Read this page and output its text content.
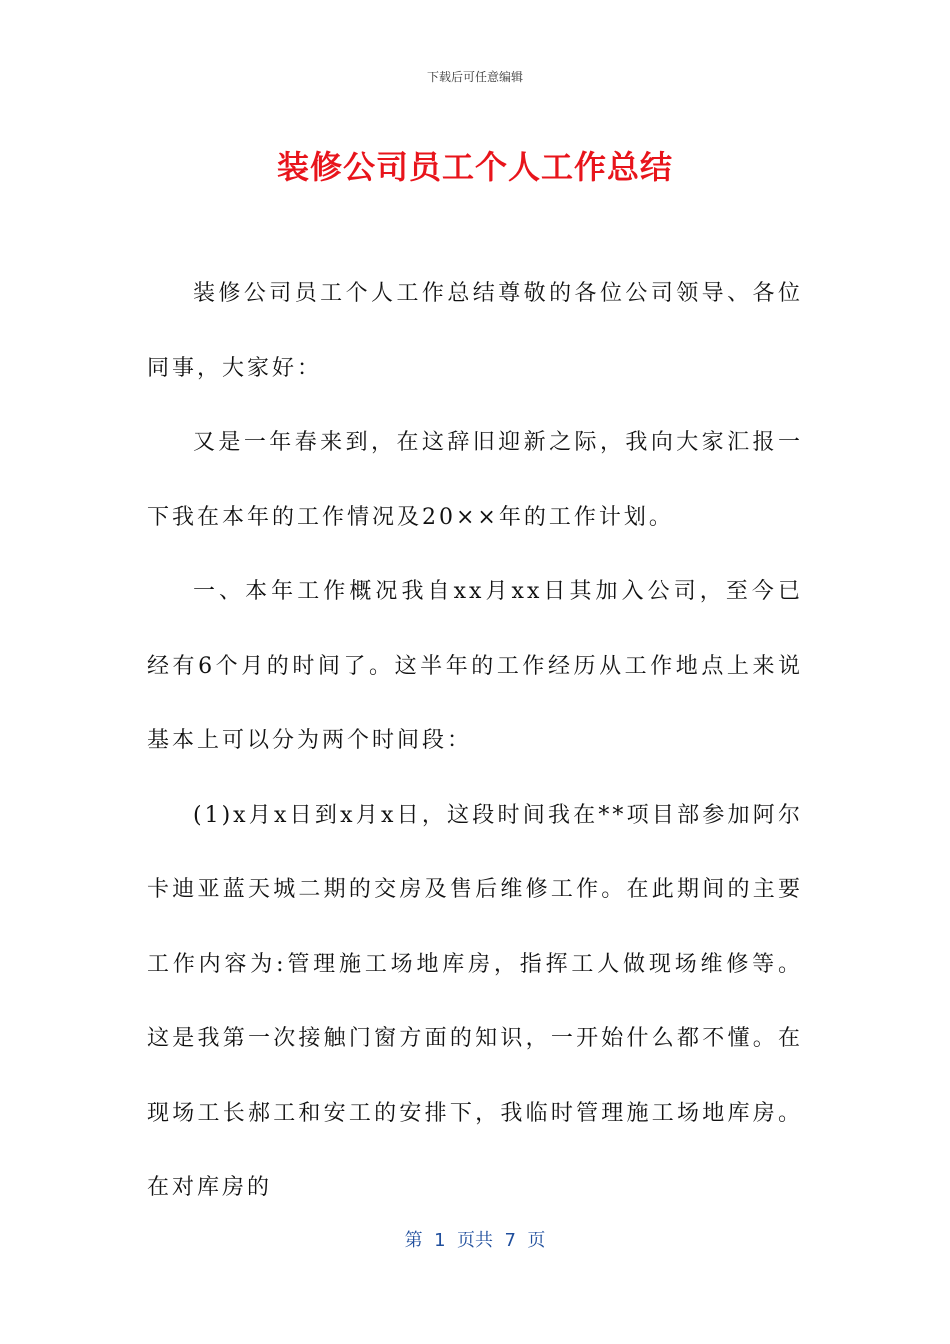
下载后可任意编辑
装修公司员工个人工作总结

装修公司员工个人工作总结尊敬的各位公司领导、各位同事，大家好：

又是一年春来到，在这辞旧迎新之际，我向大家汇报一下我在本年的工作情况及20××年的工作计划。

一、本年工作概况我自xx月xx日其加入公司，至今已经有6个月的时间了。这半年的工作经历从工作地点上来说基本上可以分为两个时间段：

(1)x月x日到x月x日，这段时间我在**项目部参加阿尔卡迪亚蓝天城二期的交房及售后维修工作。在此期间的主要工作内容为:管理施工场地库房，指挥工人做现场维修等。这是我第一次接触门窗方面的知识，一开始什么都不懂。在现场工长郝工和安工的安排下，我临时管理施工场地库房。在对库房的

第  1  页共  7  页
